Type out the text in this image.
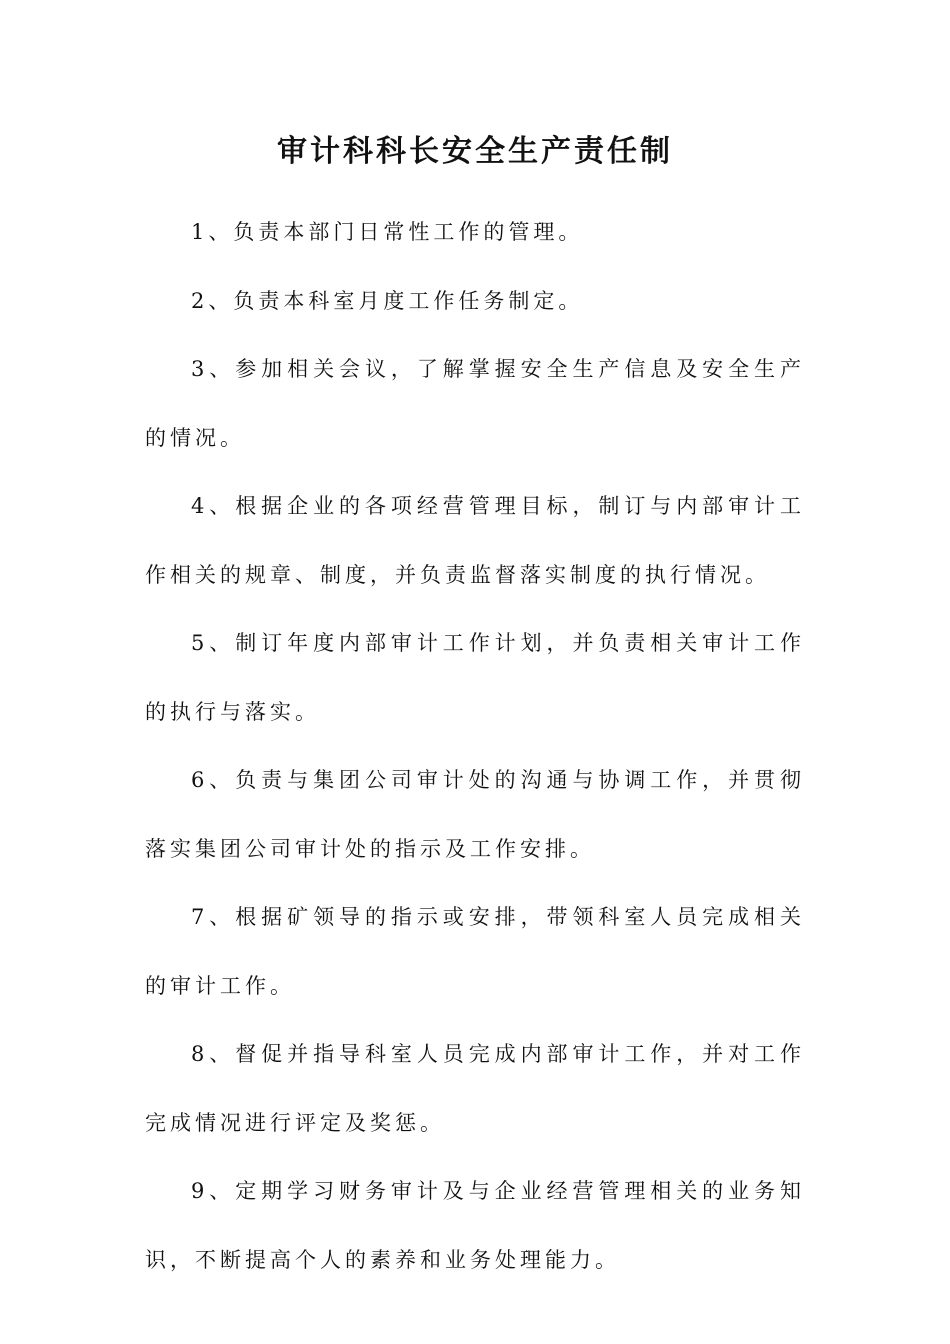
审计科科长安全生产责任制

1、负责本部门日常性工作的管理。

2、负责本科室月度工作任务制定。

3、参加相关会议，了解掌握安全生产信息及安全生产的情况。

4、根据企业的各项经营管理目标，制订与内部审计工作相关的规章、制度，并负责监督落实制度的执行情况。

5、制订年度内部审计工作计划，并负责相关审计工作的执行与落实。

6、负责与集团公司审计处的沟通与协调工作，并贯彻落实集团公司审计处的指示及工作安排。

7、根据矿领导的指示或安排，带领科室人员完成相关的审计工作。

8、督促并指导科室人员完成内部审计工作，并对工作完成情况进行评定及奖惩。

9、定期学习财务审计及与企业经营管理相关的业务知识，不断提高个人的素养和业务处理能力。
